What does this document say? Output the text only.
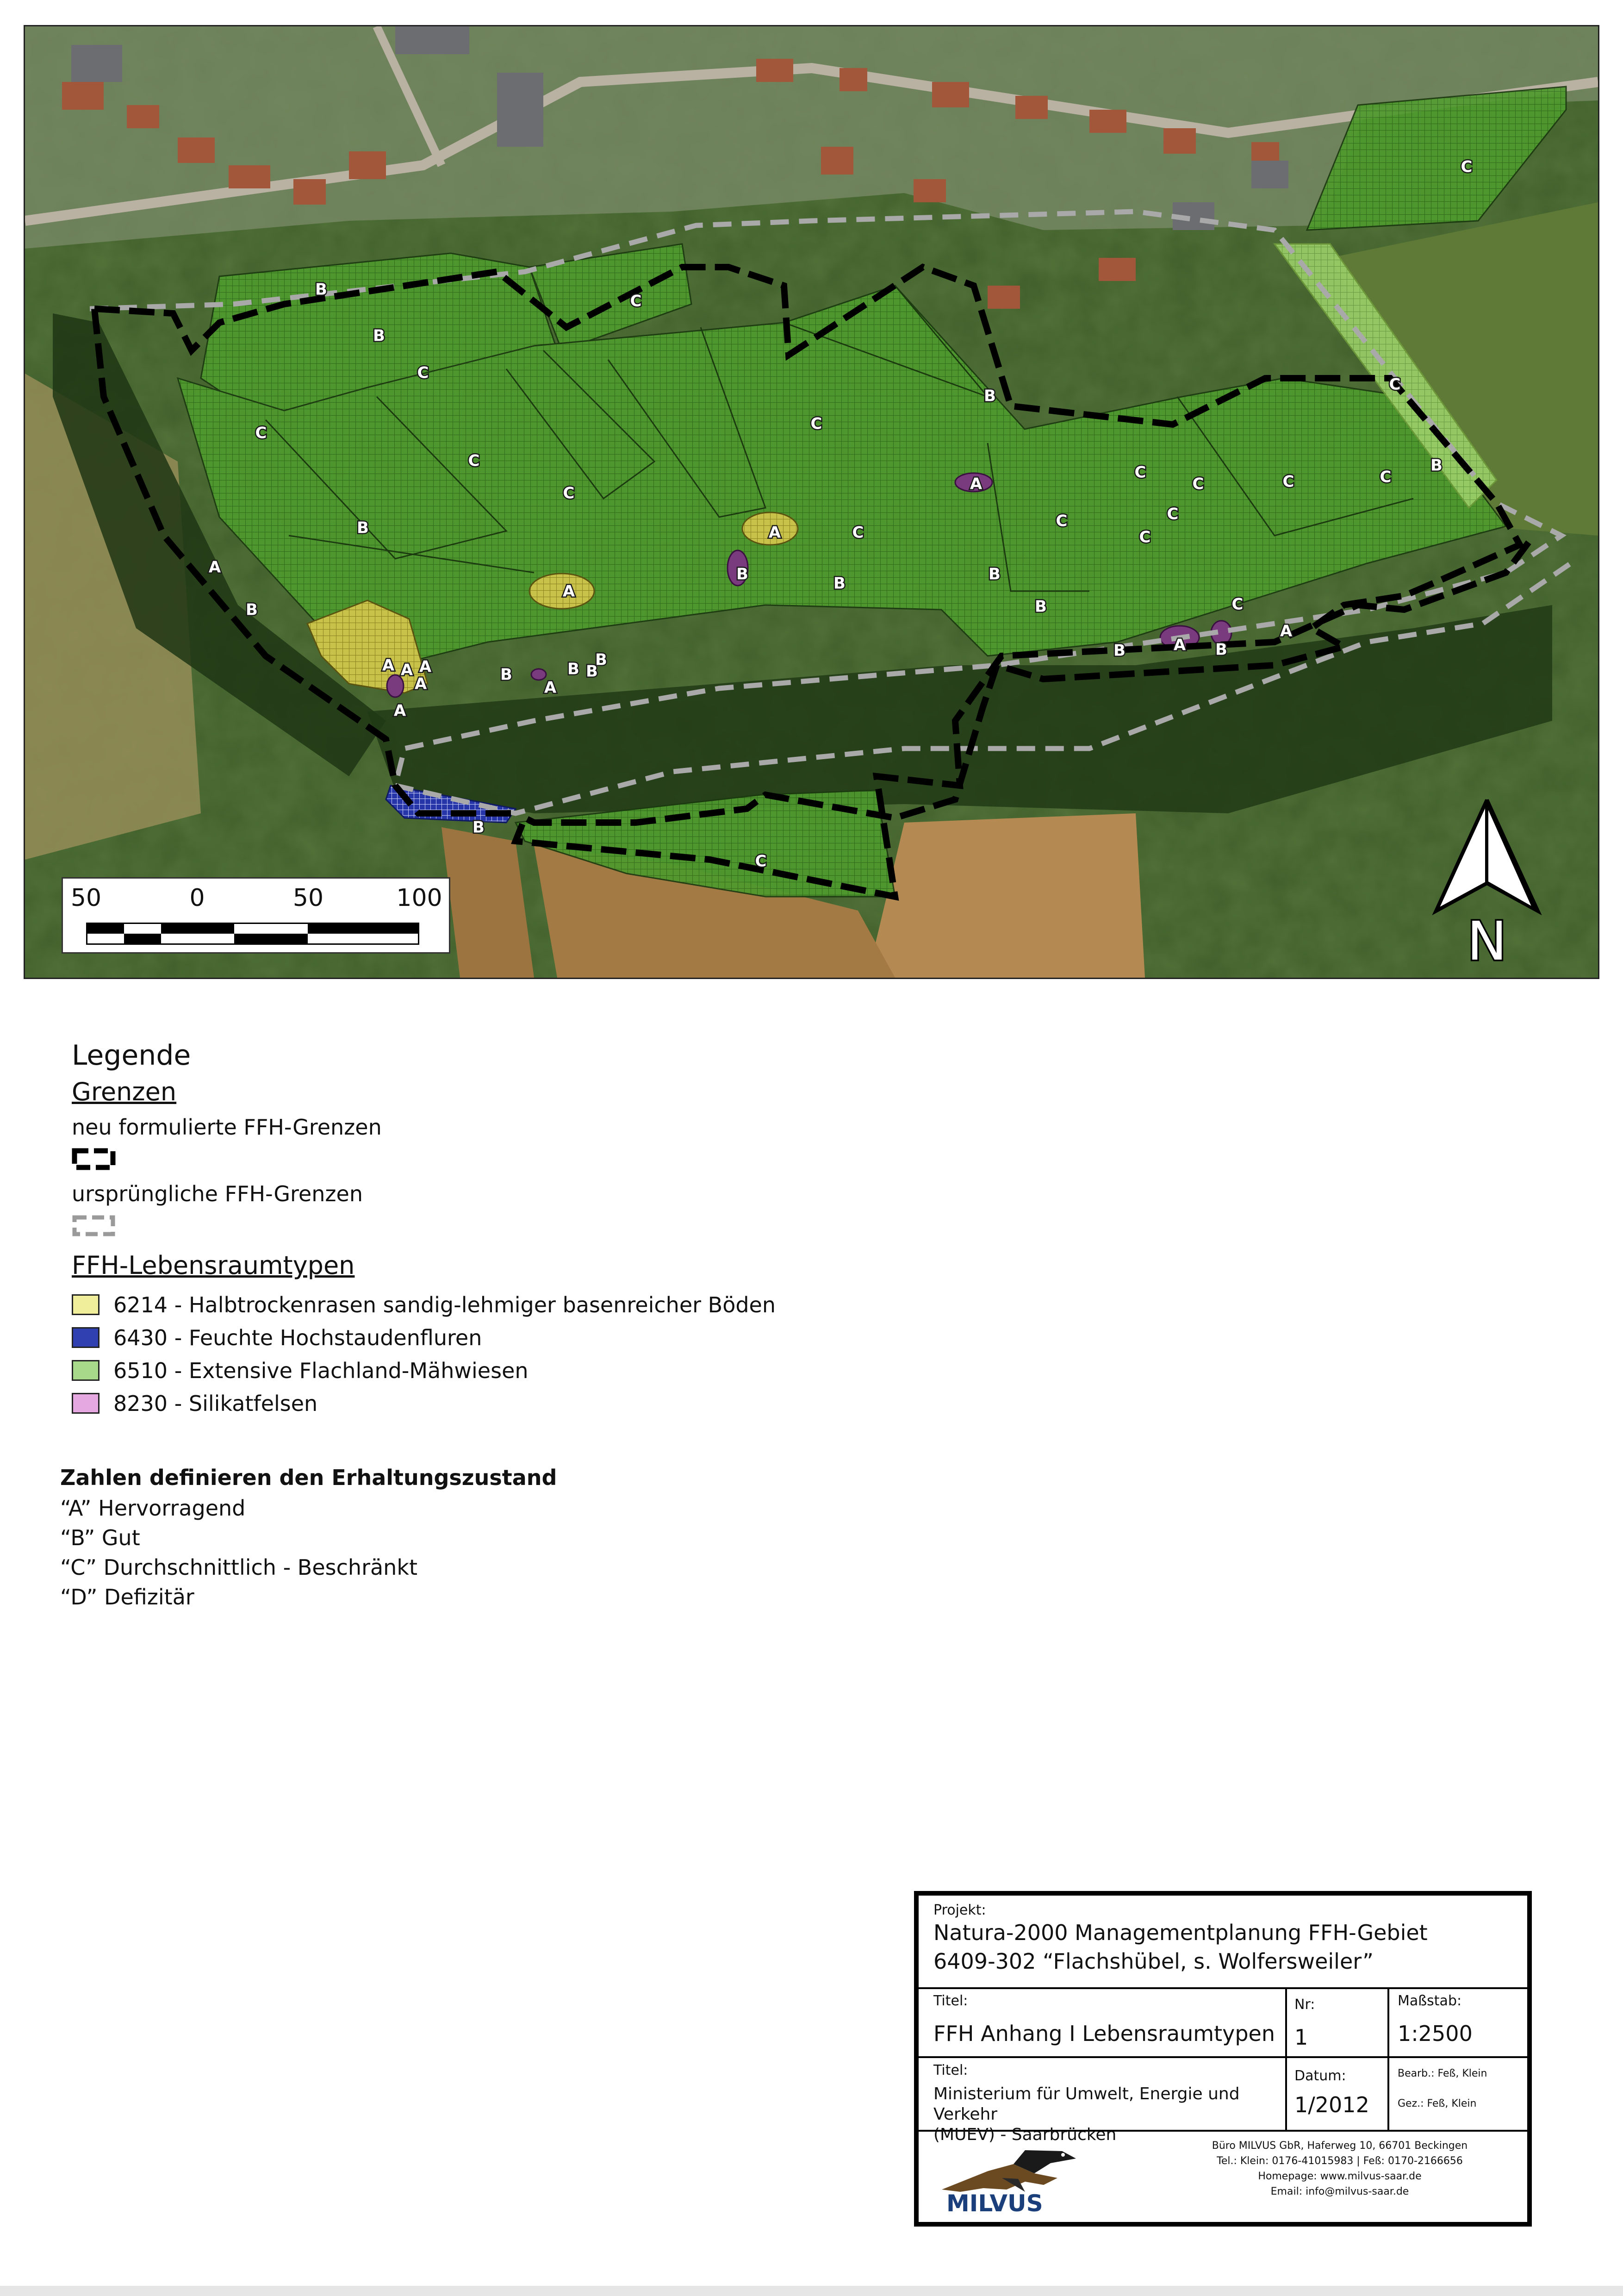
B
B
C
C
C
C
C
C
C
B
C
B
C
C	C	C
C	C
C
A
A	C
B	B	B
B	C
A B
A
B
B
A
B
A
B
A
B B
B
A A A
A
A
B
C
50	0	50	100
N
Legende
Grenzen
neu formulierte FFH-Grenzen
ursprüngliche FFH-Grenzen
FFH-Lebensraumtypen
6214 - Halbtrockenrasen sandig-lehmiger basenreicher Böden
6430 - Feuchte Hochstaudenfluren
6510 - Extensive Flachland-Mähwiesen
8230 - Silikatfelsen
Zahlen definieren den Erhaltungszustand
“A” Hervorragend
“B” Gut
“C” Durchschnittlich - Beschränkt
“D” Defizitär
Projekt:
Natura-2000 Managementplanung FFH-Gebiet
6409-302 “Flachshübel, s. Wolfersweiler”
Titel:
FFH Anhang I Lebensraumtypen
Nr:
1
Maßstab:
1:2500
Titel:
Ministerium für Umwelt, Energie und Verkehr
(MUEV) - Saarbrücken
Datum:
1/2012
Bearb.: Feß, Klein
Gez.: Feß, Klein
MILVUS
Büro MILVUS GbR, Haferweg 10, 66701 Beckingen
Tel.: Klein: 0176-41015983 | Feß: 0170-2166656
Homepage: www.milvus-saar.de
Email: info@milvus-saar.de
